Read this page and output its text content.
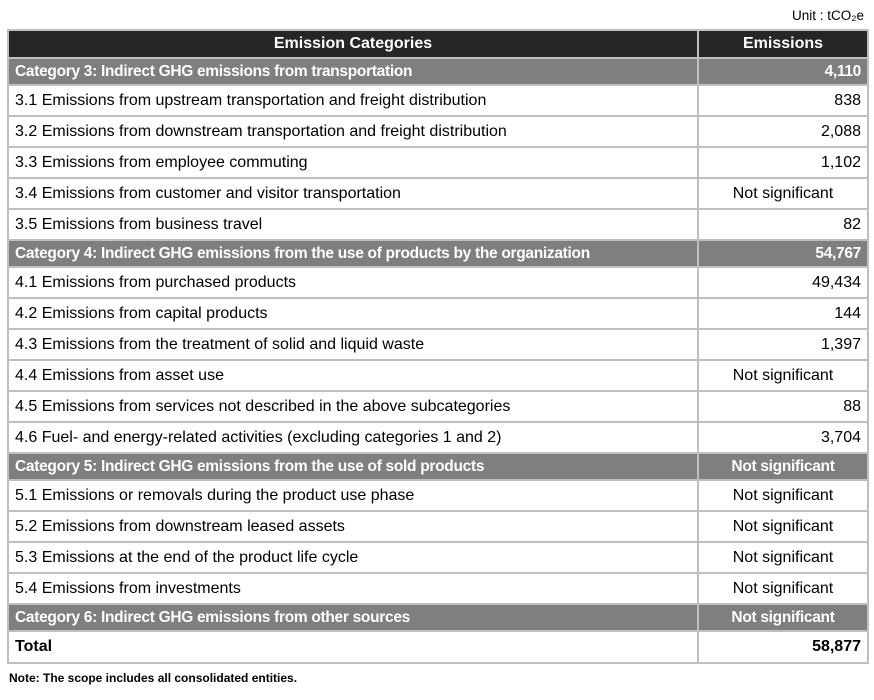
Unit : tCO₂e
Emission Categories	Emissions
Category 3: Indirect GHG emissions from transportation	4,110
3.1 Emissions from upstream transportation and freight distribution	838
3.2 Emissions from downstream transportation and freight distribution	2,088
3.3 Emissions from employee commuting	1,102
3.4 Emissions from customer and visitor transportation	Not significant
3.5 Emissions from business travel	82
Category 4: Indirect GHG emissions from the use of products by the organization	54,767
4.1 Emissions from purchased products	49,434
4.2 Emissions from capital products	144
4.3 Emissions from the treatment of solid and liquid waste	1,397
4.4 Emissions from asset use	Not significant
4.5 Emissions from services not described in the above subcategories	88
4.6 Fuel- and energy-related activities (excluding categories 1 and 2)	3,704
Category 5: Indirect GHG emissions from the use of sold products	Not significant
5.1 Emissions or removals during the product use phase	Not significant
5.2 Emissions from downstream leased assets	Not significant
5.3 Emissions at the end of the product life cycle	Not significant
5.4 Emissions from investments	Not significant
Category 6: Indirect GHG emissions from other sources	Not significant
Total	58,877
Note: The scope includes all consolidated entities.
